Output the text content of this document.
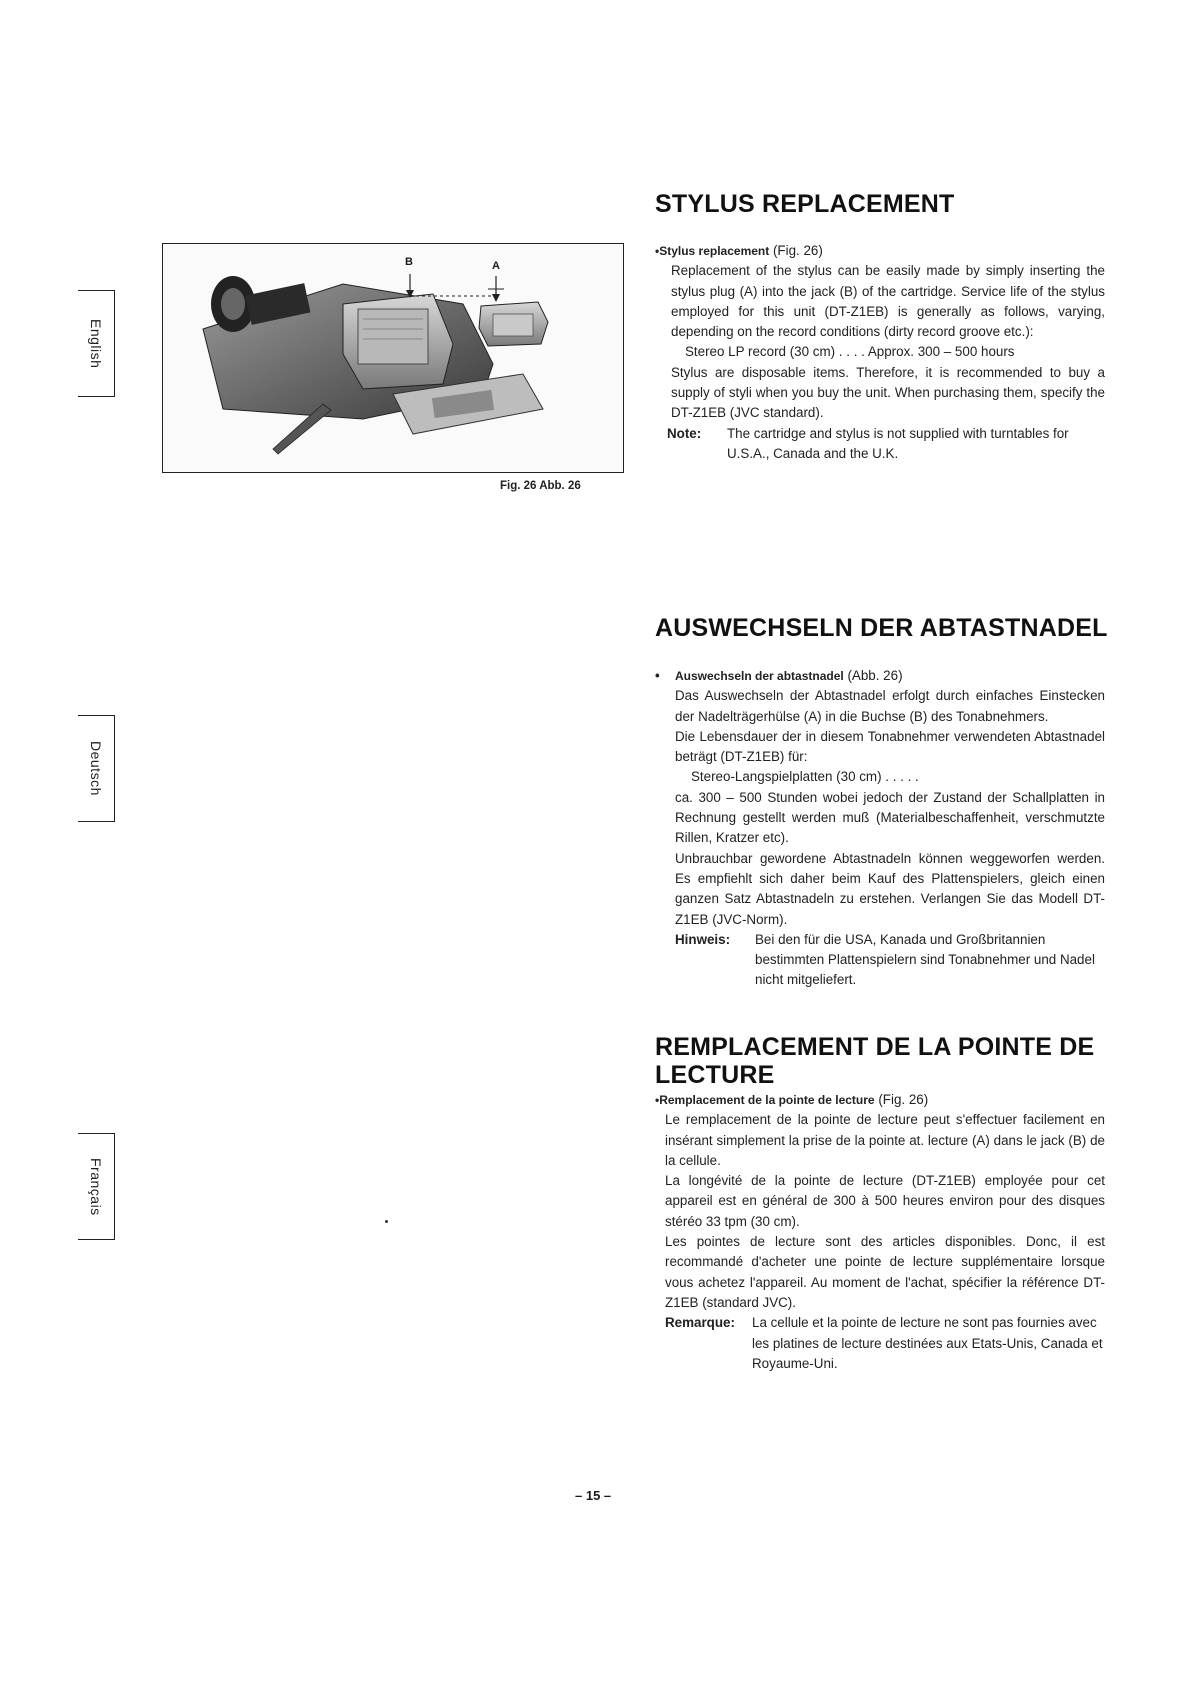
English
Deutsch
Français
B	A
Fig. 26 Abb. 26
STYLUS REPLACEMENT

•Stylus replacement (Fig. 26)

Replacement of the stylus can be easily made by simply inserting the stylus plug (A) into the jack (B) of the cartridge. Service life of the stylus employed for this unit (DT-Z1EB) is generally as follows, varying, depending on the record conditions (dirty record groove etc.):

Stereo LP record (30 cm) . . . . Approx. 300 – 500 hours

Stylus are disposable items. Therefore, it is recommended to buy a supply of styli when you buy the unit. When purchasing them, specify the DT-Z1EB (JVC standard).

Note:	The cartridge and stylus is not supplied with turntables for U.S.A., Canada and the U.K.
AUSWECHSELN DER ABTASTNADEL
•	Auswechseln der abtastnadel (Abb. 26)

Das Auswechseln der Abtastnadel erfolgt durch einfaches Einstecken der Nadelträgerhülse (A) in die Buchse (B) des Tonabnehmers.

Die Lebensdauer der in diesem Tonabnehmer verwendeten Abtastnadel beträgt (DT-Z1EB) für:

Stereo-Langspielplatten (30 cm) . . . . .

ca. 300 – 500 Stunden wobei jedoch der Zustand der Schallplatten in Rechnung gestellt werden muß (Materialbeschaffenheit, verschmutzte Rillen, Kratzer etc).

Unbrauchbar gewordene Abtastnadeln können weggeworfen werden. Es empfiehlt sich daher beim Kauf des Plattenspielers, gleich einen ganzen Satz Abtastnadeln zu erstehen. Verlangen Sie das Modell DT-Z1EB (JVC-Norm).

Hinweis:	Bei den für die USA, Kanada und Großbritannien bestimmten Plattenspielern sind Tonabnehmer und Nadel nicht mitgeliefert.
REMPLACEMENT DE LA POINTE DE LECTURE

•Remplacement de la pointe de lecture (Fig. 26)

Le remplacement de la pointe de lecture peut s'effectuer facilement en insérant simplement la prise de la pointe at. lecture (A) dans le jack (B) de la cellule.

La longévité de la pointe de lecture (DT-Z1EB) employée pour cet appareil est en général de 300 à 500 heures environ pour des disques stéréo 33 tpm (30 cm).

Les pointes de lecture sont des articles disponibles. Donc, il est recommandé d'acheter une pointe de lecture supplémentaire lorsque vous achetez l'appareil. Au moment de l'achat, spécifier la référence DT-Z1EB (standard JVC).

Remarque:	La cellule et la pointe de lecture ne sont pas fournies avec les platines de lecture destinées aux Etats-Unis, Canada et Royaume-Uni.
– 15 –
